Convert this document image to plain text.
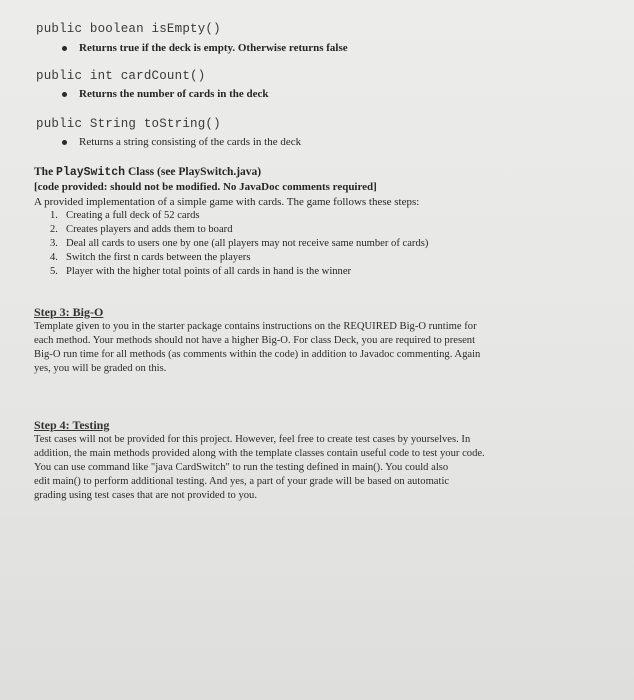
public boolean isEmpty()
Returns true if the deck is empty. Otherwise returns false
public int cardCount()
Returns the number of cards in the deck
public String toString()
Returns a string consisting of the cards in the deck
The PlaySwitch Class (see PlaySwitch.java)
[code provided: should not be modified. No JavaDoc comments required]
A provided implementation of a simple game with cards. The game follows these steps:
1. Creating a full deck of 52 cards
2. Creates players and adds them to board
3. Deal all cards to users one by one (all players may not receive same number of cards)
4. Switch the first n cards between the players
5. Player with the higher total points of all cards in hand is the winner
Step 3: Big-O
Template given to you in the starter package contains instructions on the REQUIRED Big-O runtime for
each method. Your methods should not have a higher Big-O. For class Deck, you are required to present
Big-O run time for all methods (as comments within the code) in addition to Javadoc commenting. Again
yes, you will be graded on this.
Step 4: Testing
Test cases will not be provided for this project. However, feel free to create test cases by yourselves. In
addition, the main methods provided along with the template classes contain useful code to test your code.
You can use command like "java CardSwitch" to run the testing defined in main(). You could also
edit main() to perform additional testing. And yes, a part of your grade will be based on automatic
grading using test cases that are not provided to you.
